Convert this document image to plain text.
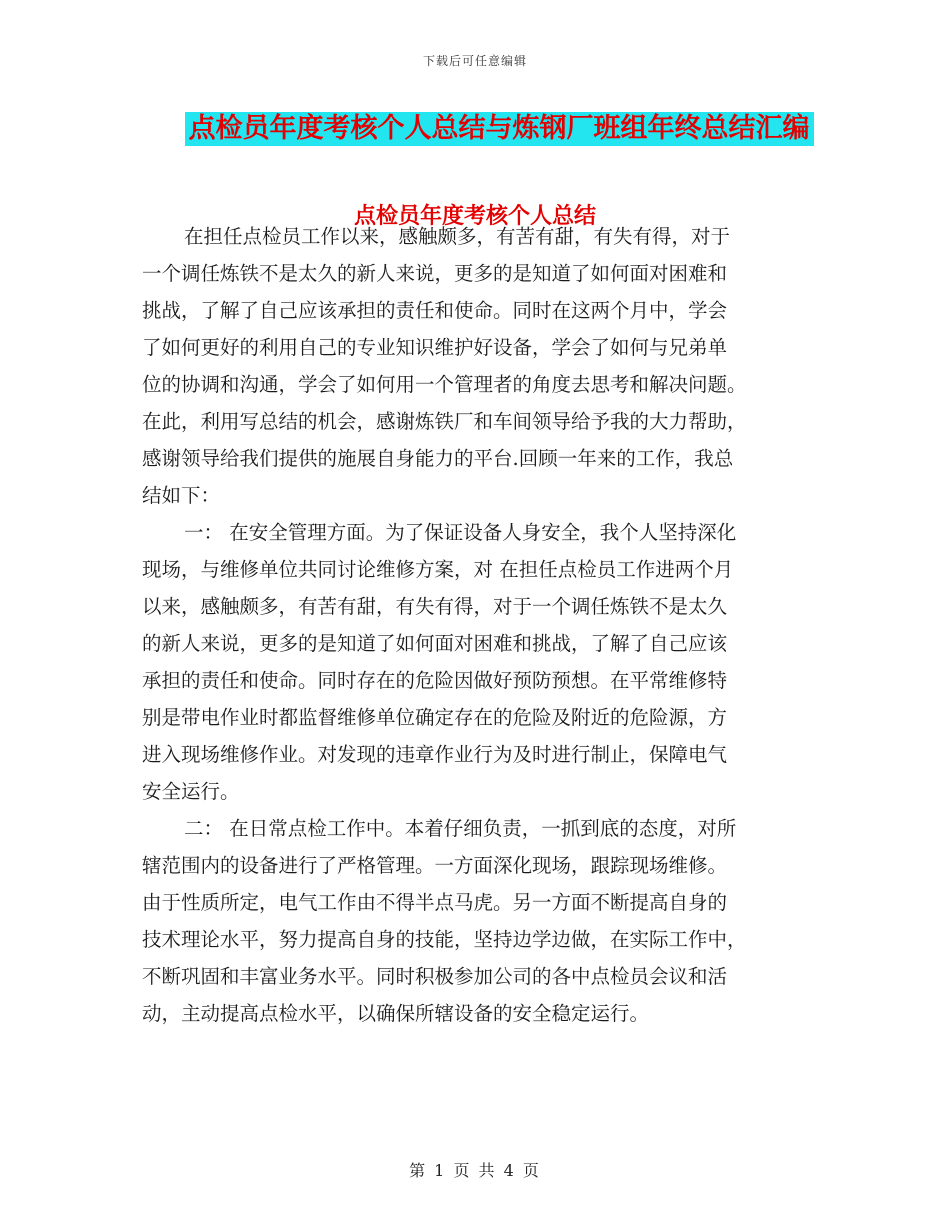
下载后可任意编辑
点检员年度考核个人总结与炼钢厂班组年终总结汇编
点检员年度考核个人总结
在担任点检员工作以来，感触颇多，有苦有甜，有失有得，对于
一个调任炼铁不是太久的新人来说，更多的是知道了如何面对困难和
挑战，了解了自己应该承担的责任和使命。同时在这两个月中，学会
了如何更好的利用自己的专业知识维护好设备，学会了如何与兄弟单
位的协调和沟通，学会了如何用一个管理者的角度去思考和解决问题。
在此，利用写总结的机会，感谢炼铁厂和车间领导给予我的大力帮助，
感谢领导给我们提供的施展自身能力的平台.回顾一年来的工作，我总
结如下：
一： 在安全管理方面。为了保证设备人身安全，我个人坚持深化
现场，与维修单位共同讨论维修方案，对 在担任点检员工作进两个月
以来，感触颇多，有苦有甜，有失有得，对于一个调任炼铁不是太久
的新人来说，更多的是知道了如何面对困难和挑战，了解了自己应该
承担的责任和使命。同时存在的危险因做好预防预想。在平常维修特
别是带电作业时都监督维修单位确定存在的危险及附近的危险源，方
进入现场维修作业。对发现的违章作业行为及时进行制止，保障电气
安全运行。
二： 在日常点检工作中。本着仔细负责，一抓到底的态度，对所
辖范围内的设备进行了严格管理。一方面深化现场，跟踪现场维修。
由于性质所定，电气工作由不得半点马虎。另一方面不断提高自身的
技术理论水平，努力提高自身的技能，坚持边学边做，在实际工作中，
不断巩固和丰富业务水平。同时积极参加公司的各中点检员会议和活
动，主动提高点检水平，以确保所辖设备的安全稳定运行。
第 1 页 共 4 页
